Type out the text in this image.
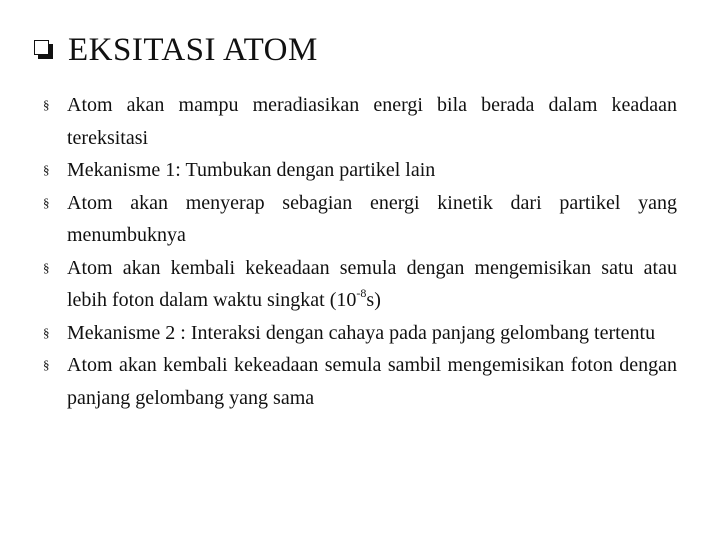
EKSITASI ATOM
§ Atom akan mampu meradiasikan energi bila berada dalam keadaan tereksitasi
§ Mekanisme 1: Tumbukan dengan partikel lain
§ Atom akan menyerap sebagian energi kinetik dari partikel yang menumbuknya
§ Atom akan kembali kekeadaan semula dengan mengemisikan satu atau lebih foton dalam waktu singkat $(10^{-8}s)$
§ Mekanisme 2 : Interaksi dengan cahaya pada panjang gelombang tertentu
§ Atom akan kembali kekeadaan semula sambil mengemisikan foton dengan panjang gelombang yang sama
